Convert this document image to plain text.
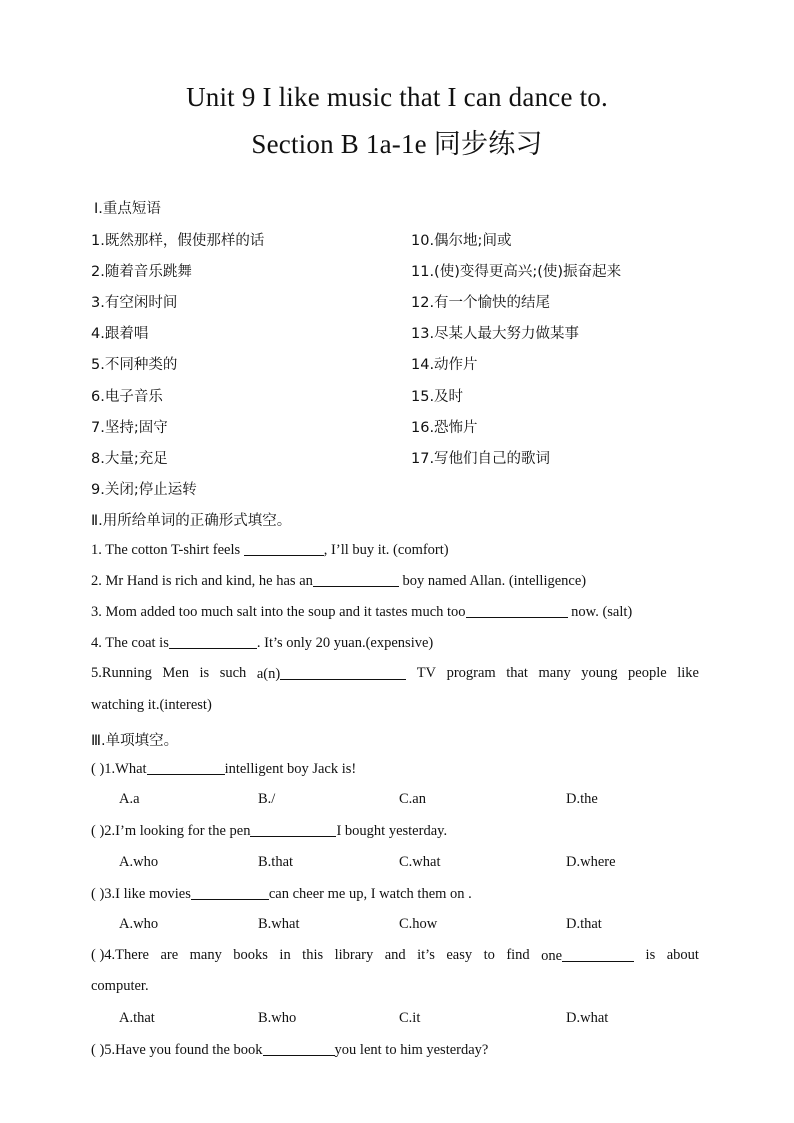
Unit 9 I like music that I can dance to.
Section B 1a-1e 同步练习
Ⅰ.重点短语
1.既然那样，假使那样的话
2.随着音乐跳舞
3.有空闲时间
4.跟着唱
5.不同种类的
6.电子音乐
7.坚持;固守
8.大量;充足
9.关闭;停止运转
10.偶尔地;间或
11.(使)变得更高兴;(使)振奋起来
12.有一个愉快的结尾
13.尽某人最大努力做某事
14.动作片
15.及时
16.恐怖片
17.写他们自己的歌词
Ⅱ.用所给单词的正确形式填空。
1. The cotton T-shirt feels	, I’ll buy it. (comfort)
2. Mr Hand is rich and kind, he has an	boy named Allan. (intelligence)
3. Mom added too much salt into the soup and it tastes much too	now. (salt)
4. The coat is	. It’s only 20 yuan.(expensive)
5.Running Men is such a(n)	TV program that many young people like
watching it.(interest)
Ⅲ.单项填空。
( )1.What	intelligent boy Jack is!
A.a	B./	C.an	D.the
( )2.I’m looking for the pen	I bought yesterday.
A.who	B.that	C.what	D.where
( )3.I like movies	can cheer me up, I watch them on .
A.who	B.what	C.how	D.that
( )4.There are many books in this library and it’s easy to find one	is about
computer.
A.that	B.who	C.it	D.what
( )5.Have you found the book	you lent to him yesterday?
